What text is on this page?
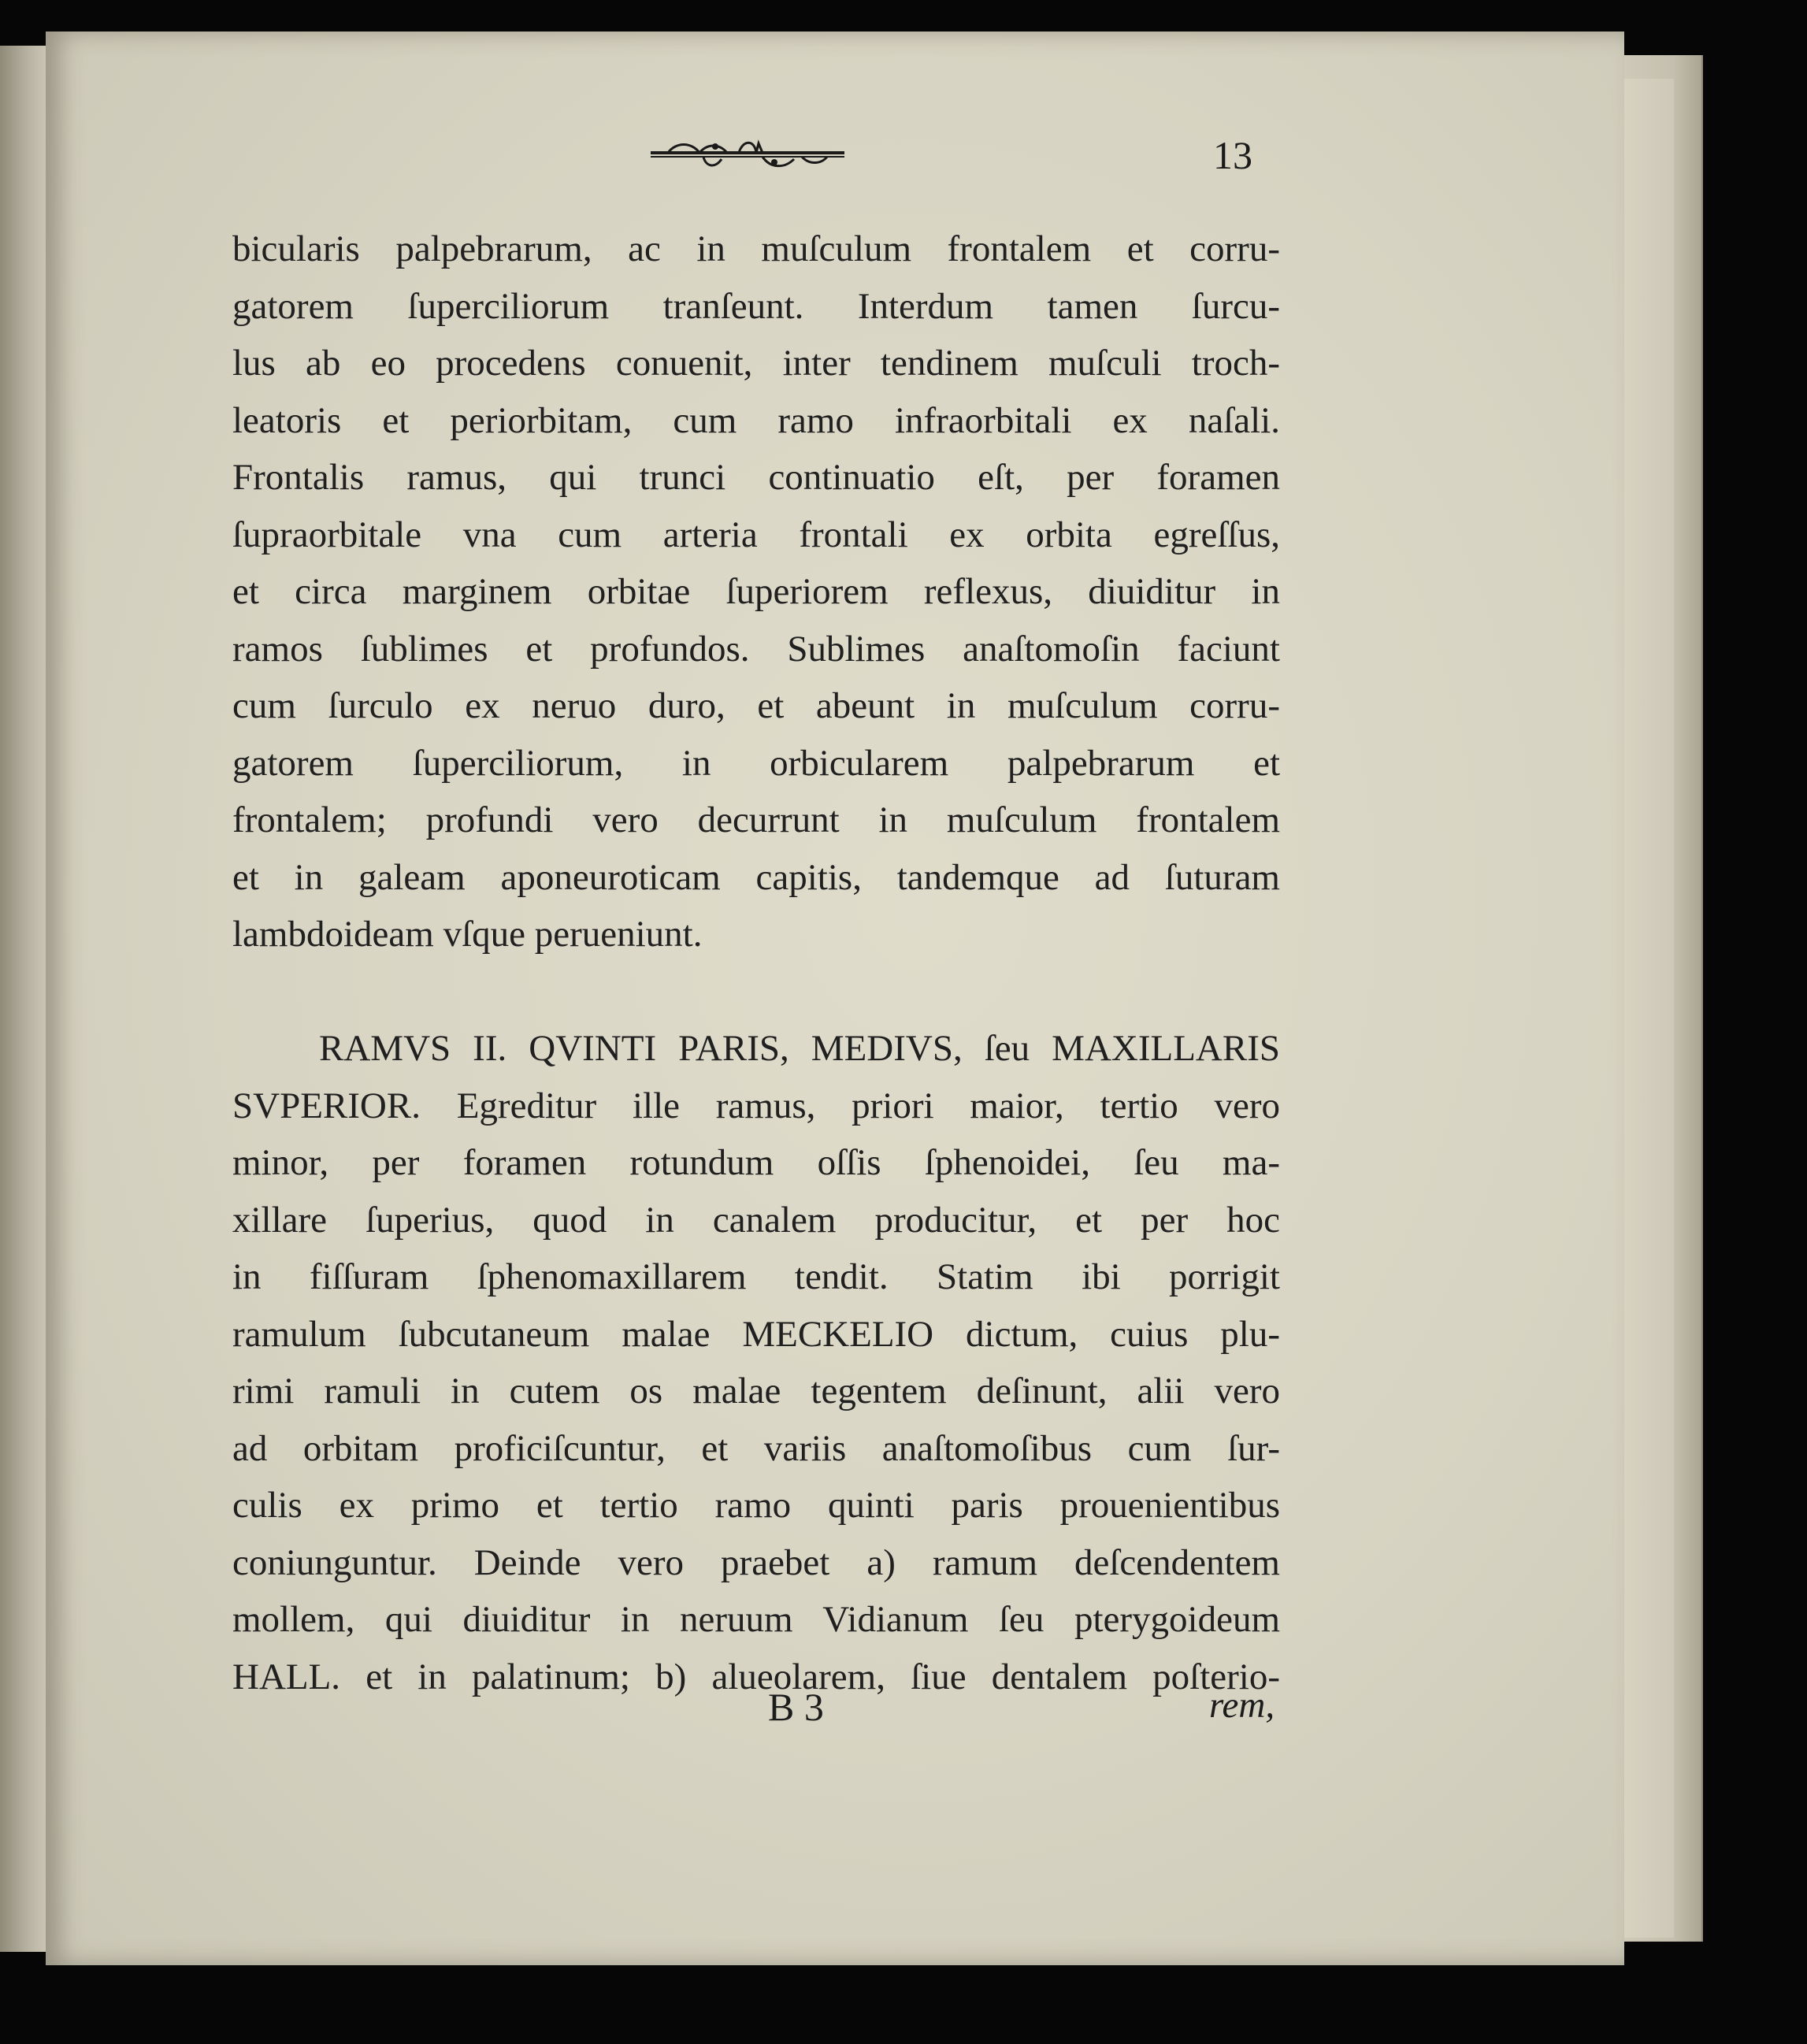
13
bicularis palpebrarum, ac in muſculum frontalem et corru-
gatorem ſuperciliorum tranſeunt. Interdum tamen ſurcu-
lus ab eo procedens conuenit, inter tendinem muſculi troch-
leatoris et periorbitam, cum ramo infraorbitali ex naſali.
Frontalis ramus, qui trunci continuatio eſt, per foramen
ſupraorbitale vna cum arteria frontali ex orbita egreſſus,
et circa marginem orbitae ſuperiorem reflexus, diuiditur in
ramos ſublimes et profundos. Sublimes anaſtomoſin faciunt
cum ſurculo ex neruo duro, et abeunt in muſculum corru-
gatorem ſuperciliorum, in orbicularem palpebrarum et
frontalem; profundi vero decurrunt in muſculum frontalem
et in galeam aponeuroticam capitis, tandemque ad ſuturam
lambdoideam vſque perueniunt.
RAMVS II. QVINTI PARIS, MEDIVS, ſeu MAXILLARIS
SVPERIOR. Egreditur ille ramus, priori maior, tertio vero
minor, per foramen rotundum oſſis ſphenoidei, ſeu ma-
xillare ſuperius, quod in canalem producitur, et per hoc
in fiſſuram ſphenomaxillarem tendit. Statim ibi porrigit
ramulum ſubcutaneum malae MECKELIO dictum, cuius plu-
rimi ramuli in cutem os malae tegentem deſinunt, alii vero
ad orbitam proficiſcuntur, et variis anaſtomoſibus cum ſur-
culis ex primo et tertio ramo quinti paris prouenientibus
coniunguntur. Deinde vero praebet a) ramum deſcendentem
mollem, qui diuiditur in neruum Vidianum ſeu pterygoideum
HALL. et in palatinum; b) alueolarem, ſiue dentalem poſterio-
B 3	rem,
